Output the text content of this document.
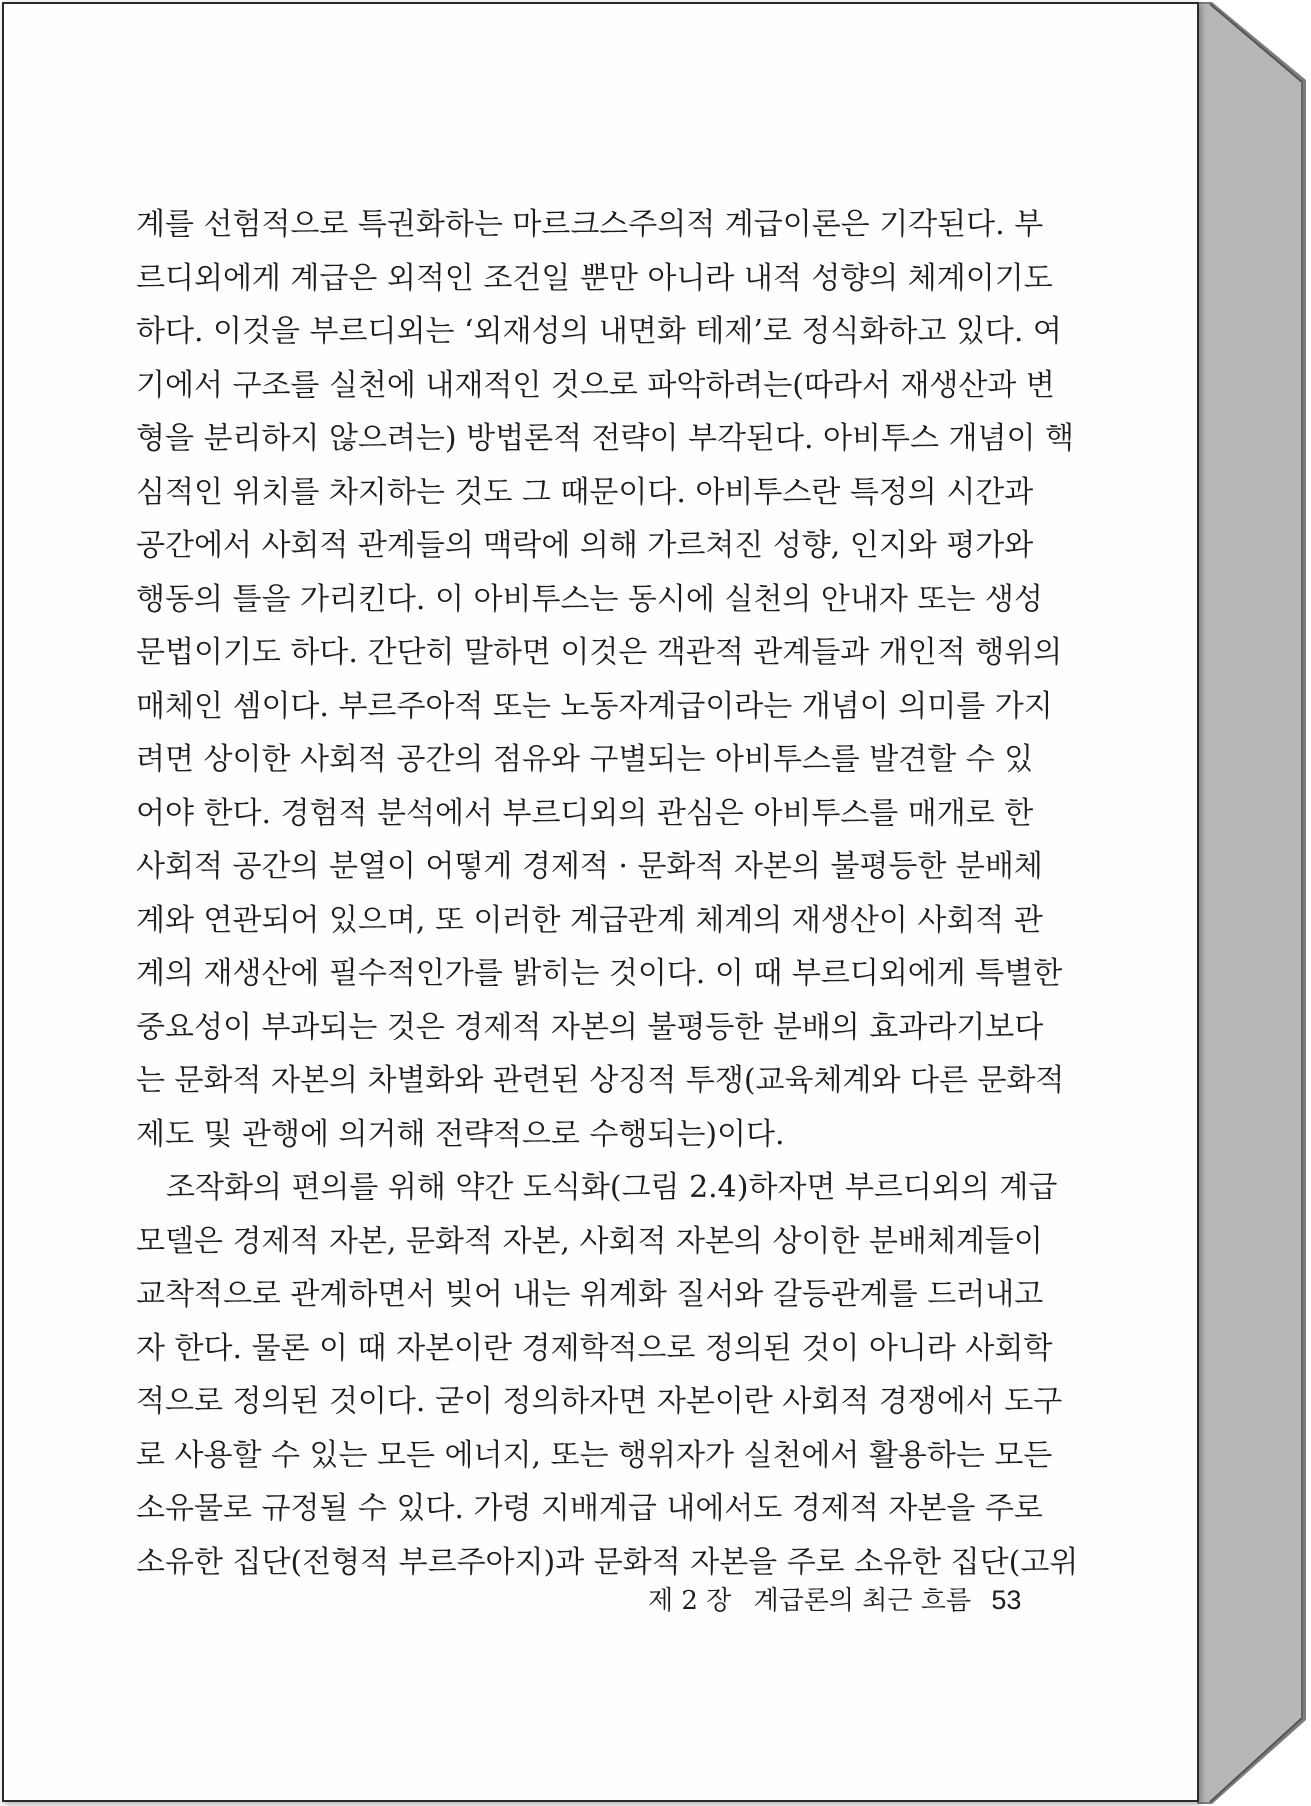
계를 선험적으로 특권화하는 마르크스주의적 계급이론은 기각된다. 부
르디외에게 계급은 외적인 조건일 뿐만 아니라 내적 성향의 체계이기도
하다. 이것을 부르디외는 ‘외재성의 내면화 테제’로 정식화하고 있다. 여
기에서 구조를 실천에 내재적인 것으로 파악하려는(따라서 재생산과 변
형을 분리하지 않으려는) 방법론적 전략이 부각된다. 아비투스 개념이 핵
심적인 위치를 차지하는 것도 그 때문이다. 아비투스란 특정의 시간과
공간에서 사회적 관계들의 맥락에 의해 가르쳐진 성향, 인지와 평가와
행동의 틀을 가리킨다. 이 아비투스는 동시에 실천의 안내자 또는 생성
문법이기도 하다. 간단히 말하면 이것은 객관적 관계들과 개인적 행위의
매체인 셈이다. 부르주아적 또는 노동자계급이라는 개념이 의미를 가지
려면 상이한 사회적 공간의 점유와 구별되는 아비투스를 발견할 수 있
어야 한다. 경험적 분석에서 부르디외의 관심은 아비투스를 매개로 한
사회적 공간의 분열이 어떻게 경제적 · 문화적 자본의 불평등한 분배체
계와 연관되어 있으며, 또 이러한 계급관계 체계의 재생산이 사회적 관
계의 재생산에 필수적인가를 밝히는 것이다. 이 때 부르디외에게 특별한
중요성이 부과되는 것은 경제적 자본의 불평등한 분배의 효과라기보다
는 문화적 자본의 차별화와 관련된 상징적 투쟁(교육체계와 다른 문화적
제도 및 관행에 의거해 전략적으로 수행되는)이다.
조작화의 편의를 위해 약간 도식화(그림 2.4)하자면 부르디외의 계급
모델은 경제적 자본, 문화적 자본, 사회적 자본의 상이한 분배체계들이
교착적으로 관계하면서 빚어 내는 위계화 질서와 갈등관계를 드러내고
자 한다. 물론 이 때 자본이란 경제학적으로 정의된 것이 아니라 사회학
적으로 정의된 것이다. 굳이 정의하자면 자본이란 사회적 경쟁에서 도구
로 사용할 수 있는 모든 에너지, 또는 행위자가 실천에서 활용하는 모든
소유물로 규정될 수 있다. 가령 지배계급 내에서도 경제적 자본을 주로
소유한 집단(전형적 부르주아지)과 문화적 자본을 주로 소유한 집단(고위
제 2 장 계급론의 최근 흐름 53
